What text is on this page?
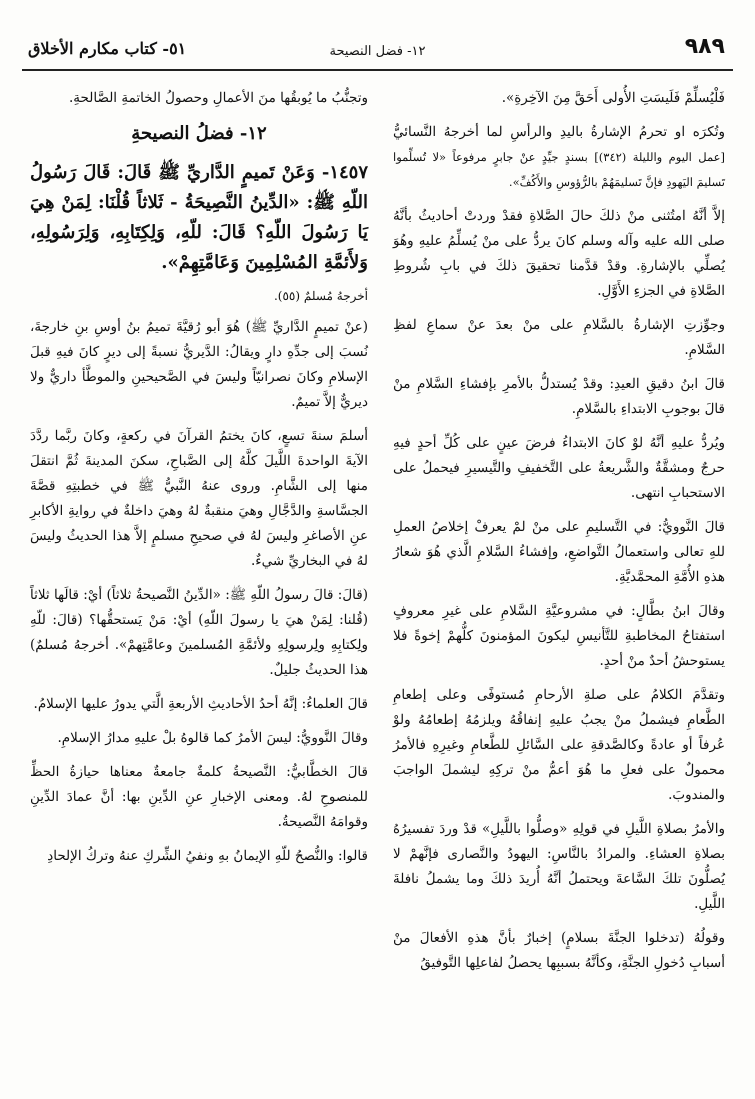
٩٨٩
١٢- فضل النصيحة
٥١- كتاب مكارم الأخلاق

فَلْيُسلِّمْ فَلَيسَتِ الأُولى أَحَقَّ مِنَ الآخِرةِ».

وتُكرَه او تحرمُ الإشارةُ باليدِ والرأسِ لما أخرجهُ النَّسائيُّ [عمل اليوم والليلة (٣٤٢)] بسندٍ جيِّدٍ عنْ جابرٍ مرفوعاً «لا تُسلِّموا تَسليمَ اليَهودِ فإنَّ تَسليمَهُمْ بالرُّؤوسِ والأَكُفِّ».

إلاَّ أنَّهُ امتُثنى منْ ذلكَ حالَ الصَّلاةِ فقدْ وردتْ أحاديثُ بأنَّهُ صلى الله عليه وآله وسلم كانَ يردُّ على منْ يُسلِّمُ عليهِ وهُوَ يُصلِّي بالإشارةِ. وقدْ قدَّمنا تحقيقَ ذلكَ في بابِ شُروطِ الصَّلاةِ في الجزءِ الأَوَّلِ.

وجوِّزتِ الإشارةُ بالسَّلامِ على منْ بعدَ عنْ سماعِ لفظِ السَّلامِ.

قالَ ابنُ دقيقِ العيدِ: وقدْ يُستدلُّ بالأمرِ بإفشاءِ السَّلامِ منْ قالَ بوجوبِ الابتداءِ بالسَّلامِ.

ويُردُّ عليهِ أنَّهُ لوْ كانَ الابتداءُ فرضَ عينٍ على كُلِّ أحدٍ فيهِ حرجٌ ومشقَّةٌ والشَّريعةُ على التَّخفيفِ والتَّيسيرِ فيحملُ على الاستحبابِ انتهى.

قالَ النَّوويُّ: في التَّسليمِ على منْ لمْ يعرفْ إخلاصُ العملِ للهِ تعالى واستعمالُ التَّواضعِ، وإفشاءُ السَّلامِ الَّذي هُوَ شعارُ هذهِ الأُمَّةِ المحمَّديَّةِ.

وقالَ ابنُ بطَّالٍ: في مشروعيَّةِ السَّلامِ على غيرِ معروفٍ استفتاحُ المخاطبةِ للتَّأنيسِ ليكونَ المؤمنونَ كلُّهمْ إخوةً فلا يستوحشُ أحدٌ منْ أحدٍ.

وتقدَّمَ الكلامُ على صلةِ الأرحامِ مُستوفًى وعلى إطعامِ الطَّعامِ فيشملُ منْ يجبُ عليهِ إنفاقُهُ ويلزمُهُ إطعامُهُ ولوْ عُرفاً أو عادةً وكالصَّدقةِ على السَّائلِ للطَّعامِ وغيرِهِ فالأمرُ محمولٌ على فعلِ ما هُوَ أعمُّ منْ تركِهِ ليشملَ الواجبَ والمندوبَ.

والأمرُ بصلاةِ اللَّيلِ في قولِهِ «وصلُّوا باللَّيلِ» قدْ وردَ تفسيرُهُ بصلاةِ العشاءِ. والمرادُ بالنَّاسِ: اليهودُ والنَّصارى فإنَّهمْ لا يُصلُّونَ تلكَ السَّاعةَ ويحتملُ أنَّهُ أُريدَ ذلكَ وما يشملُ نافلةَ اللَّيلِ.

وقولُهُ (تدخلوا الجنَّةَ بسلامٍ) إخبارٌ بأنَّ هذهِ الأفعالَ منْ أسبابِ دُخولِ الجنَّةِ، وكأنَّهُ بسببِها يحصلُ لفاعلِها التَّوفيقُ

وتجنُّبُ ما يُوبقُها منَ الأعمالِ وحصولُ الخاتمةِ الصَّالحةِ.

١٢- فضلُ النصيحةِ
١٤٥٧- وَعَنْ تَميمٍ الدَّاريِّ ﷺ قَالَ: قَالَ رَسُولُ اللّهِ ﷺ: «الدِّينُ النَّصِيحَةُ - ثَلاثاً قُلْنَا: لِمَنْ هِيَ يَا رَسُولَ اللّهِ؟ قَالَ: للّهِ، وَلِكِتَابِهِ، وَلِرَسُولِهِ، وَلأَئمَّةِ المُسْلِمِينَ وَعَامَّتِهِمْ».
أخرجهُ مُسلمٌ (٥٥).

(عنْ تميمٍ الدَّاريِّ ﷺ) هُوَ أبو رُقيَّةَ تميمُ بنُ أوسِ بنِ خارجةَ، نُسبَ إلى جدِّهِ دارٍ ويقالُ: الدَّيريُّ نسبةً إلى ديرٍ كانَ فيهِ قبلَ الإسلامِ وكانَ نصرانيّاً وليسَ في الصَّحيحينِ والموطَّأ داريٌّ ولا ديريٌّ إلاَّ تميمٌ.

أسلمَ سنةَ تسعٍ، كانَ يختمُ القرآنَ في ركعةٍ، وكانَ ربَّما ردَّدَ الآيةَ الواحدةَ اللَّيلَ كلَّهُ إلى الصَّباحِ، سكنَ المدينةَ ثُمَّ انتقلَ منها إلى الشَّامِ. وروى عنهُ النَّبيُّ ﷺ في خطبتِهِ قصَّةَ الجسَّاسةِ والدَّجَّالِ وهيَ منقبةٌ لهُ وهيَ داخلةٌ في روايةِ الأكابرِ عنِ الأصاغرِ وليسَ لهُ في صحيحِ مسلمٍ إلاَّ هذا الحديثُ وليسَ لهُ في البخاريِّ شيءٌ.

(قالَ: قالَ رسولُ اللّهِ ﷺ: «الدِّينُ النَّصيحةُ ثلاثاً) أيْ: قالَها ثلاثاً (قُلنا: لِمَنْ هيَ يا رسولَ اللّهِ) أيْ: مَنْ يَستحقُّها؟ (قالَ: للّهِ ولِكتابِهِ ولِرسولِهِ ولأئمَّةِ المُسلمينَ وعامَّتِهمْ». أخرجهُ مُسلمٌ) هذا الحديثُ جليلٌ.

قالَ العلماءُ: إنَّهُ أحدُ الأحاديثِ الأربعةِ الَّتي يدورُ عليها الإسلامُ.

وقالَ النَّوويُّ: ليسَ الأمرُ كما قالوهُ بلْ عليهِ مدارُ الإسلامِ.

قالَ الخطَّابيُّ: النَّصيحةُ كلمةٌ جامعةٌ معناها حيازةُ الحظِّ للمنصوحِ لهُ. ومعنى الإخبارِ عنِ الدِّينِ بها: أنَّ عمادَ الدِّينِ وقوامَهُ النَّصيحةُ.

قالوا: والنُّصحُ للّهِ الإيمانُ بهِ ونفيُ الشِّركِ عنهُ وتركُ الإلحادِ
